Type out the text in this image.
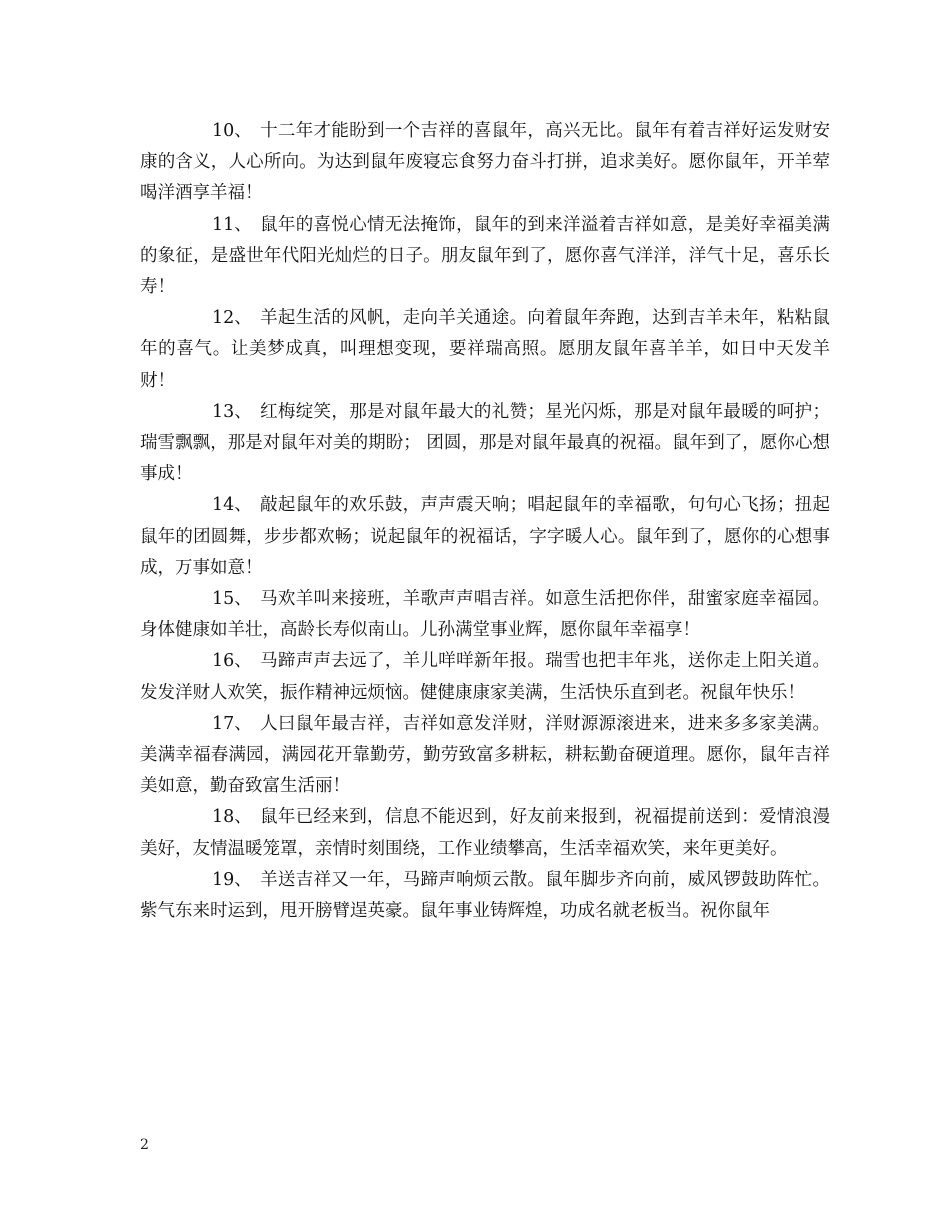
10、 十二年才能盼到一个吉祥的喜鼠年，高兴无比。鼠年有着吉祥好运发财安康的含义，人心所向。为达到鼠年废寝忘食努力奋斗打拼，追求美好。愿你鼠年，开羊荤喝洋酒享羊福！

11、 鼠年的喜悦心情无法掩饰，鼠年的到来洋溢着吉祥如意，是美好幸福美满的象征，是盛世年代阳光灿烂的日子。朋友鼠年到了，愿你喜气洋洋，洋气十足，喜乐长寿！

12、 羊起生活的风帆，走向羊关通途。向着鼠年奔跑，达到吉羊未年，粘粘鼠年的喜气。让美梦成真，叫理想变现，要祥瑞高照。愿朋友鼠年喜羊羊，如日中天发羊财！

13、 红梅绽笑，那是对鼠年最大的礼赞；星光闪烁，那是对鼠年最暖的呵护；瑞雪飘飘，那是对鼠年对美的期盼； 团圆，那是对鼠年最真的祝福。鼠年到了，愿你心想事成！

14、 敲起鼠年的欢乐鼓，声声震天响；唱起鼠年的幸福歌，句句心飞扬；扭起鼠年的团圆舞，步步都欢畅；说起鼠年的祝福话，字字暖人心。鼠年到了，愿你的心想事成，万事如意！

15、 马欢羊叫来接班，羊歌声声唱吉祥。如意生活把你伴，甜蜜家庭幸福园。身体健康如羊壮，高龄长寿似南山。儿孙满堂事业辉，愿你鼠年幸福享！

16、 马蹄声声去远了，羊儿咩咩新年报。瑞雪也把丰年兆，送你走上阳关道。发发洋财人欢笑，振作精神远烦恼。健健康康家美满，生活快乐直到老。祝鼠年快乐！

17、 人曰鼠年最吉祥，吉祥如意发洋财，洋财源源滚进来，进来多多家美满。美满幸福春满园，满园花开靠勤劳，勤劳致富多耕耘，耕耘勤奋硬道理。愿你，鼠年吉祥美如意，勤奋致富生活丽！

18、 鼠年已经来到，信息不能迟到，好友前来报到，祝福提前送到：爱情浪漫美好，友情温暖笼罩，亲情时刻围绕，工作业绩攀高，生活幸福欢笑，来年更美好。

19、 羊送吉祥又一年，马蹄声响烦云散。鼠年脚步齐向前，威风锣鼓助阵忙。紫气东来时运到，甩开膀臂逞英豪。鼠年事业铸辉煌，功成名就老板当。祝你鼠年

2
